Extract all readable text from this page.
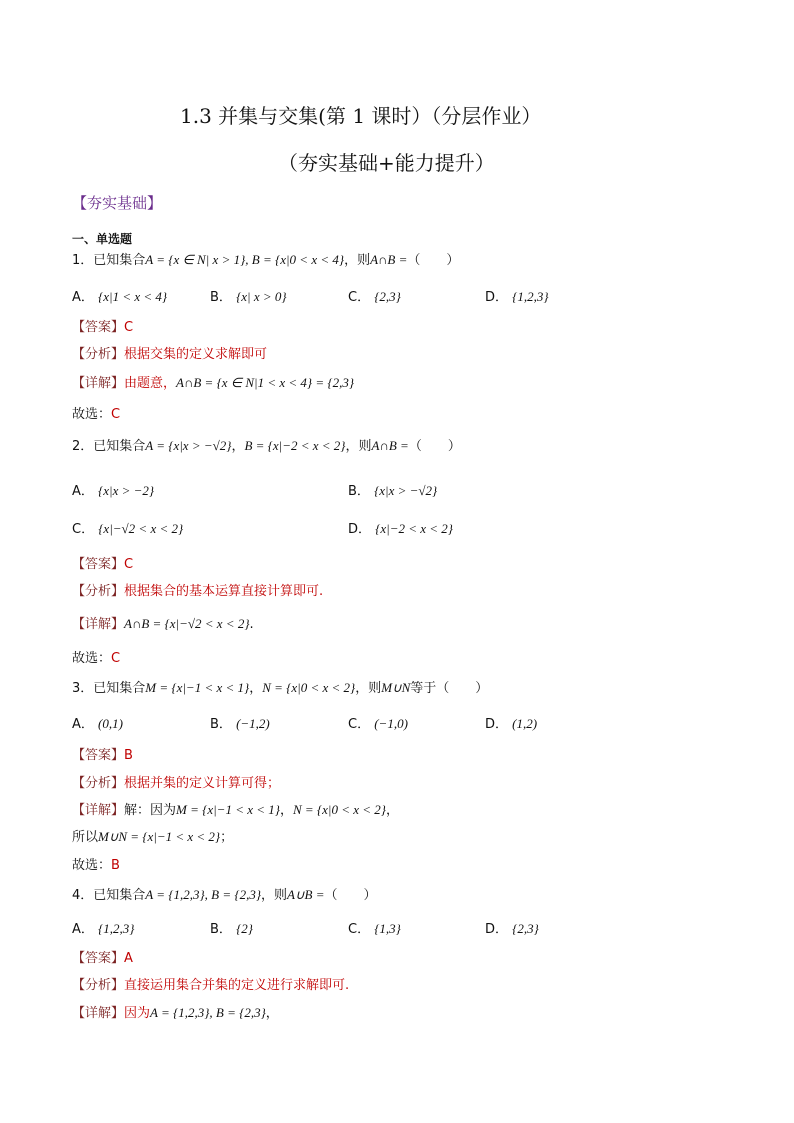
1.3 并集与交集(第 1 课时）（分层作业）
（夯实基础+能力提升）
【夯实基础】
一、单选题
1．已知集合A = {x ∈ N| x > 1}, B = {x|0 < x < 4}，则A∩B =（　　）
A． {x|1 < x < 4}	B． {x| x > 0}	C． {2,3}	D． {1,2,3}
【答案】C
【分析】根据交集的定义求解即可
【详解】由题意，A∩B = {x ∈ N|1 < x < 4} = {2,3}
故选：C
2．已知集合A = {x|x > −√2}，B = {x|−2 < x < 2}，则A∩B =（　　）
A． {x|x > −2}	B． {x|x > −√2}
C． {x|−√2 < x < 2}	D． {x|−2 < x < 2}
【答案】C
【分析】根据集合的基本运算直接计算即可.
【详解】A∩B = {x|−√2 < x < 2}.
故选：C
3．已知集合M = {x|−1 < x < 1}，N = {x|0 < x < 2}，则M∪N等于（　　）
A． (0,1)	B． (−1,2)	C． (−1,0)	D． (1,2)
【答案】B
【分析】根据并集的定义计算可得；
【详解】解：因为M = {x|−1 < x < 1}，N = {x|0 < x < 2}，
所以M∪N = {x|−1 < x < 2}；
故选：B
4．已知集合A = {1,2,3}, B = {2,3}，则A∪B =（　　）
A． {1,2,3}	B． {2}	C． {1,3}	D． {2,3}
【答案】A
【分析】直接运用集合并集的定义进行求解即可.
【详解】因为A = {1,2,3}, B = {2,3}，
